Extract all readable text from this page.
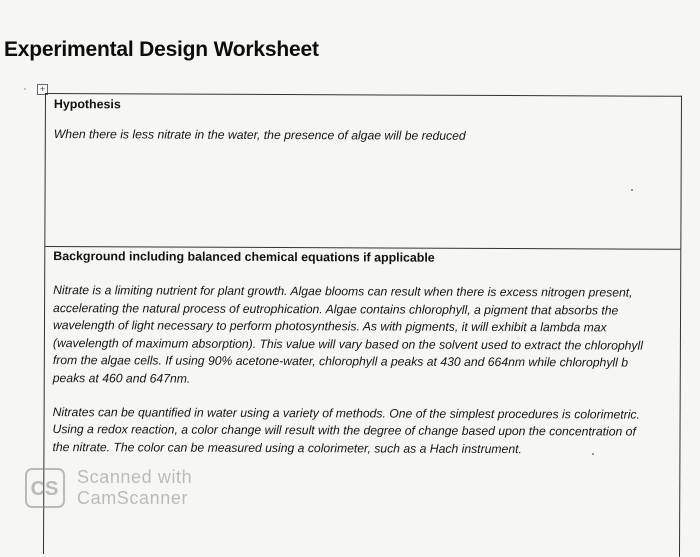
Experimental Design Worksheet
+
Hypothesis
When there is less nitrate in the water, the presence of algae will be reduced
Background including balanced chemical equations if applicable
Nitrate is a limiting nutrient for plant growth. Algae blooms can result when there is excess nitrogen present,
accelerating the natural process of eutrophication. Algae contains chlorophyll, a pigment that absorbs the
wavelength of light necessary to perform photosynthesis. As with pigments, it will exhibit a lambda max
(wavelength of maximum absorption). This value will vary based on the solvent used to extract the chlorophyll
from the algae cells. If using 90% acetone-water, chlorophyll a peaks at 430 and 664nm while chlorophyll b
peaks at 460 and 647nm.
Nitrates can be quantified in water using a variety of methods. One of the simplest procedures is colorimetric.
Using a redox reaction, a color change will result with the degree of change based upon the concentration of
the nitrate. The color can be measured using a colorimeter, such as a Hach instrument.
CS
Scanned with
CamScanner
